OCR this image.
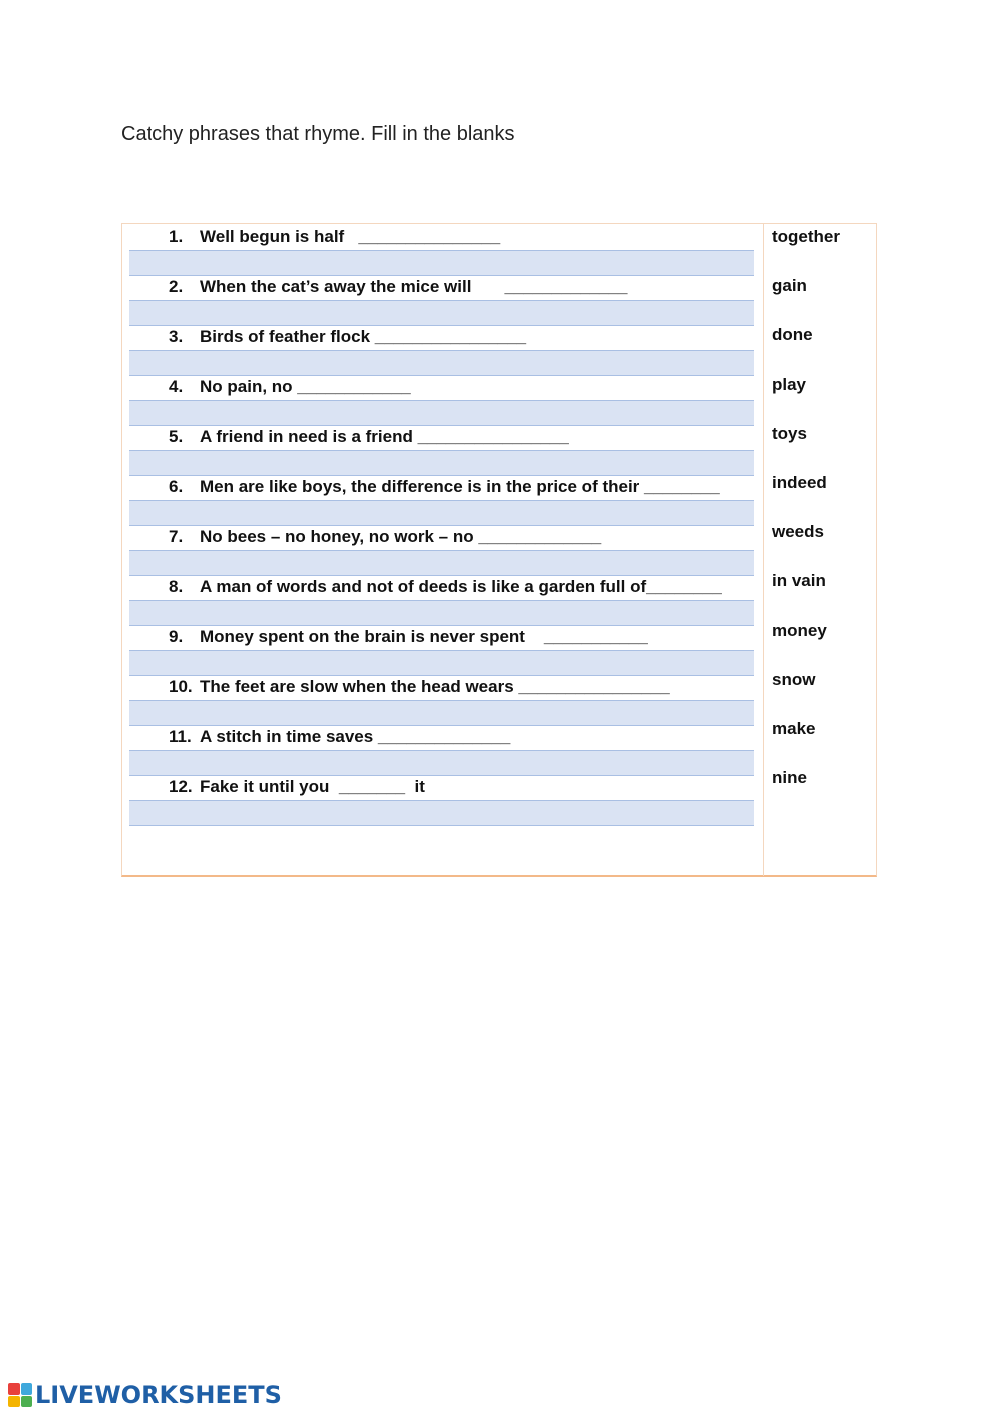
Catchy phrases that rhyme. Fill in the blanks
1. Well begun is half   _______________
2. When the cat’s away the mice will       _____________
3. Birds of feather flock ________________
4. No pain, no ____________
5. A friend in need is a friend ________________
6. Men are like boys, the difference is in the price of their ________
7. No bees – no honey, no work – no _____________
8. A man of words and not of deeds is like a garden full of________
9. Money spent on the brain is never spent    ___________
10. The feet are slow when the head wears ________________
11. A stitch in time saves ______________
12. Fake it until you  _______  it
together
gain
done
play
toys
indeed
weeds
in vain
money
snow
make
nine
LIVEWORKSHEETS
